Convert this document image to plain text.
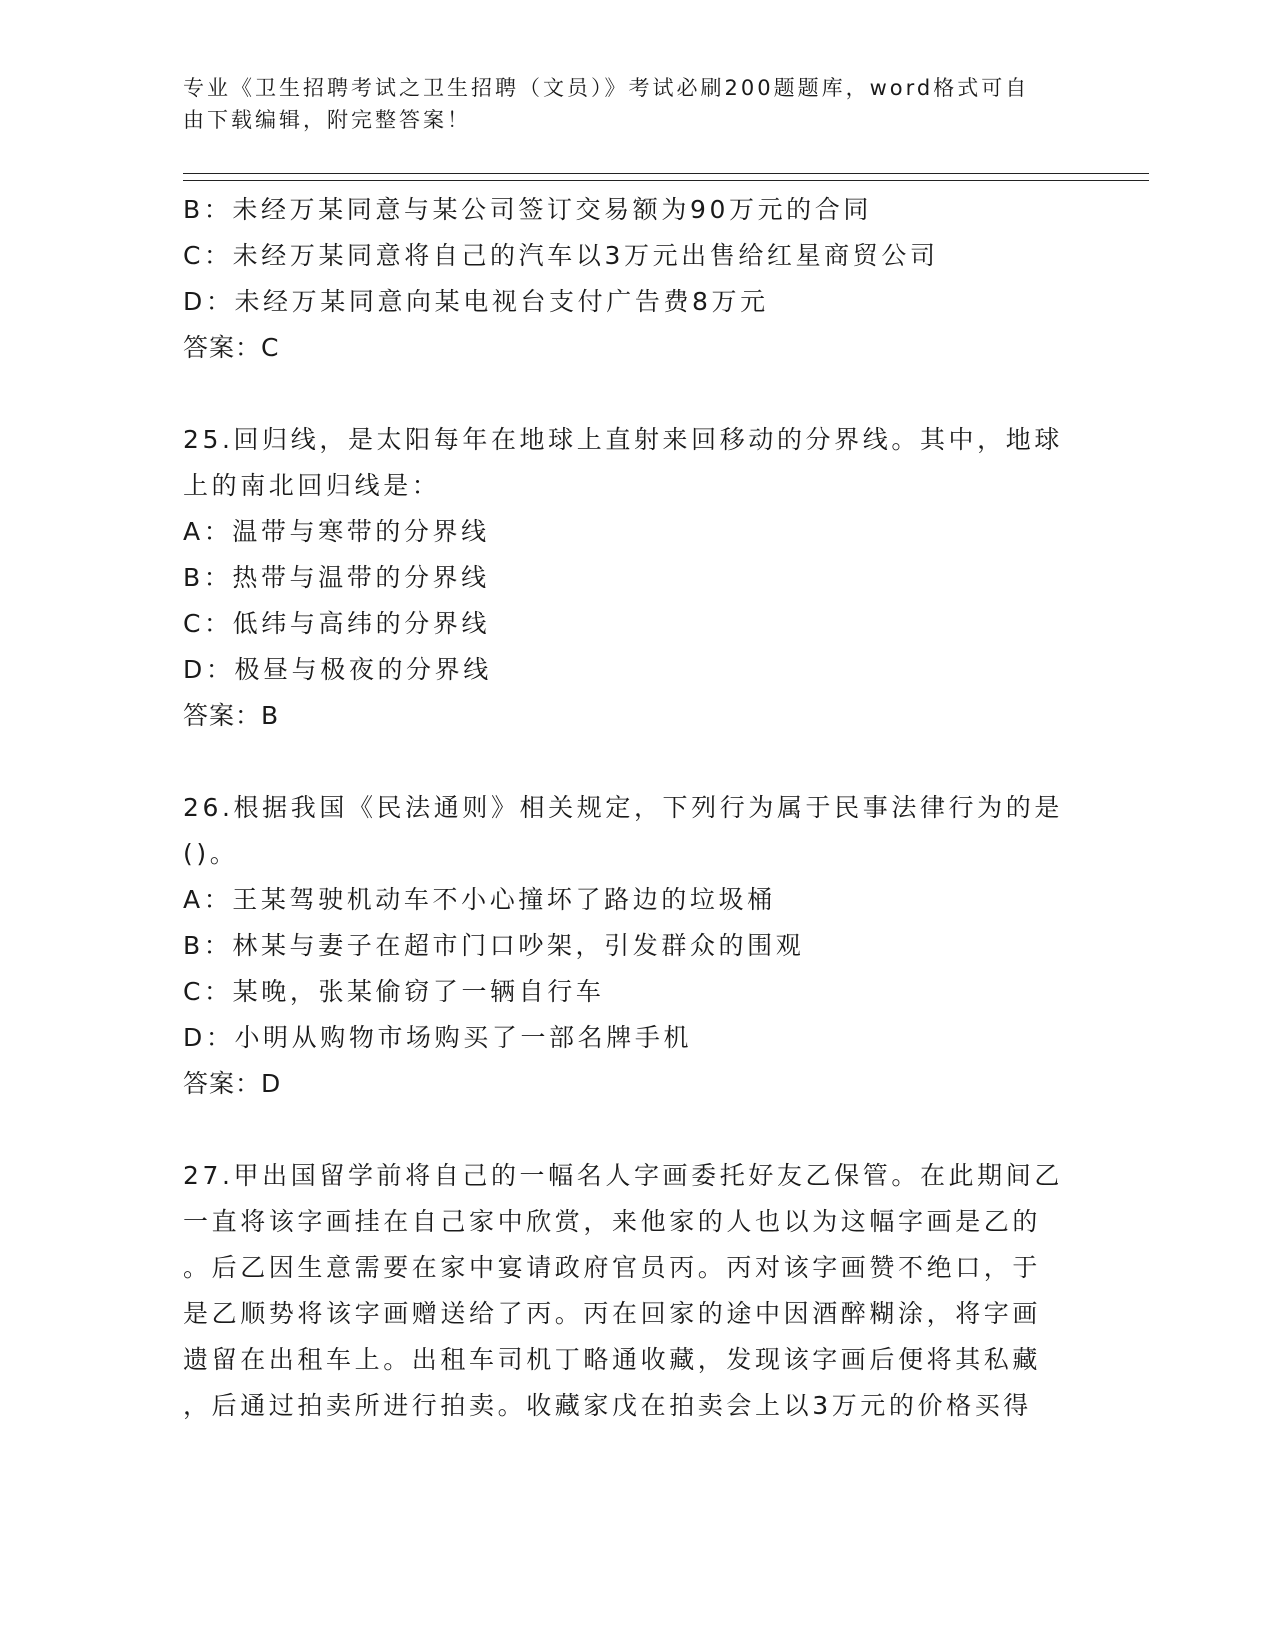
专业《卫生招聘考试之卫生招聘（文员）》考试必刷200题题库，word格式可自
由下载编辑，附完整答案！
B：未经万某同意与某公司签订交易额为90万元的合同
C：未经万某同意将自己的汽车以3万元出售给红星商贸公司
D：未经万某同意向某电视台支付广告费8万元
答案：C
25.回归线，是太阳每年在地球上直射来回移动的分界线。其中，地球
上的南北回归线是：
A：温带与寒带的分界线
B：热带与温带的分界线
C：低纬与高纬的分界线
D：极昼与极夜的分界线
答案：B
26.根据我国《民法通则》相关规定，下列行为属于民事法律行为的是
()。
A：王某驾驶机动车不小心撞坏了路边的垃圾桶
B：林某与妻子在超市门口吵架，引发群众的围观
C：某晚，张某偷窃了一辆自行车
D：小明从购物市场购买了一部名牌手机
答案：D
27.甲出国留学前将自己的一幅名人字画委托好友乙保管。在此期间乙
一直将该字画挂在自己家中欣赏，来他家的人也以为这幅字画是乙的
。后乙因生意需要在家中宴请政府官员丙。丙对该字画赞不绝口，于
是乙顺势将该字画赠送给了丙。丙在回家的途中因酒醉糊涂，将字画
遗留在出租车上。出租车司机丁略通收藏，发现该字画后便将其私藏
，后通过拍卖所进行拍卖。收藏家戊在拍卖会上以3万元的价格买得
